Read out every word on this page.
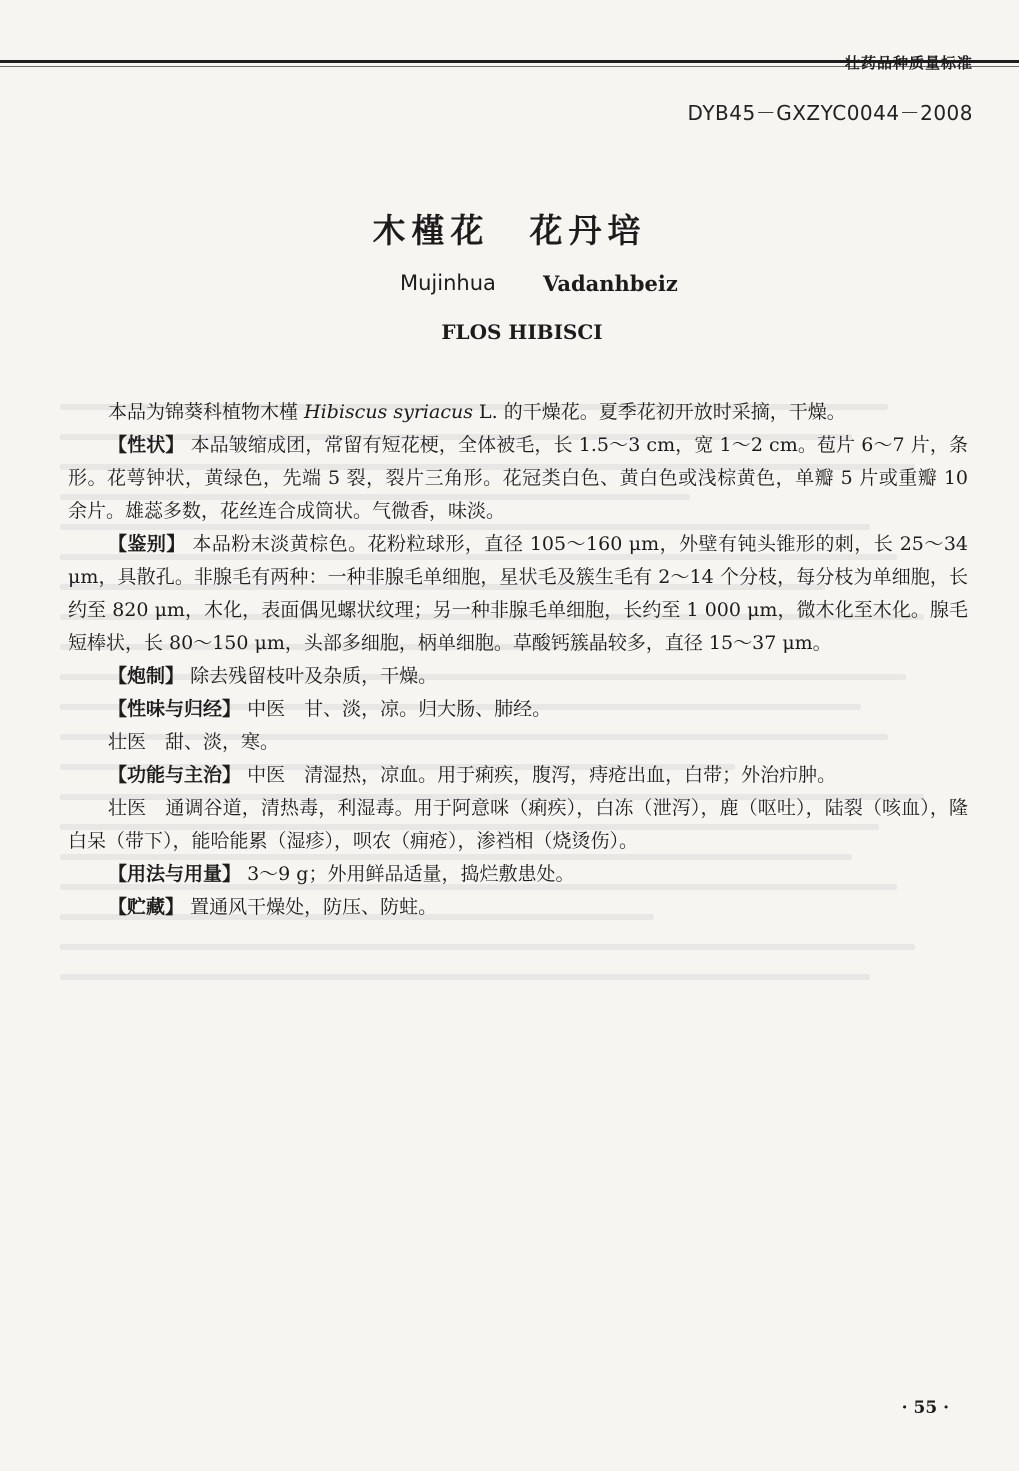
壮药品种质量标准
DYB45－GXZYC0044－2008
木槿花 花丹培
Mujinhua Vadanhbeiz
FLOS HIBISCI

本品为锦葵科植物木槿 Hibiscus syriacus L. 的干燥花。夏季花初开放时采摘，干燥。

【性状】 本品皱缩成团，常留有短花梗，全体被毛，长 1.5～3 cm，宽 1～2 cm。苞片 6～7 片，条形。花萼钟状，黄绿色，先端 5 裂，裂片三角形。花冠类白色、黄白色或浅棕黄色，单瓣 5 片或重瓣 10 余片。雄蕊多数，花丝连合成筒状。气微香，味淡。

【鉴别】 本品粉末淡黄棕色。花粉粒球形，直径 105～160 μm，外壁有钝头锥形的刺，长 25～34 μm，具散孔。非腺毛有两种：一种非腺毛单细胞，星状毛及簇生毛有 2～14 个分枝，每分枝为单细胞，长约至 820 μm，木化，表面偶见螺状纹理；另一种非腺毛单细胞，长约至 1 000 μm，微木化至木化。腺毛短棒状，长 80～150 μm，头部多细胞，柄单细胞。草酸钙簇晶较多，直径 15～37 μm。

【炮制】 除去残留枝叶及杂质，干燥。

【性味与归经】 中医　 甘、淡，凉。归大肠、肺经。

壮医　 甜、淡，寒。

【功能与主治】 中医　 清湿热，凉血。用于痢疾，腹泻，痔疮出血，白带；外治疖肿。

壮医　 通调谷道，清热毒，利湿毒。用于阿意咪（痢疾），白冻（泄泻），鹿（呕吐），陆裂（咳血），隆白呆（带下），能哈能累（湿疹），呗农（痈疮），渗裆相（烧烫伤）。

【用法与用量】 3～9 g；外用鲜品适量，捣烂敷患处。

【贮藏】 置通风干燥处，防压、防蛀。

· 55 ·
